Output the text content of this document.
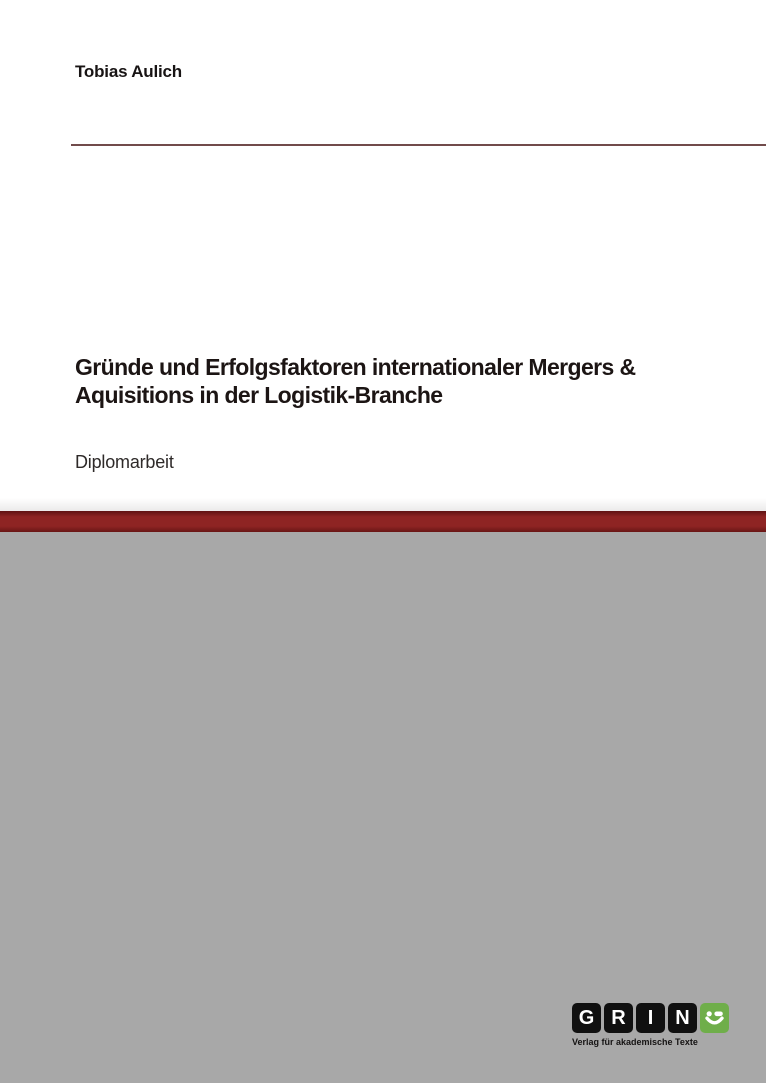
Tobias Aulich
Gründe und Erfolgsfaktoren internationaler Mergers &
Aquisitions in der Logistik-Branche
Diplomarbeit
G R	I	N
Verlag für akademische Texte
